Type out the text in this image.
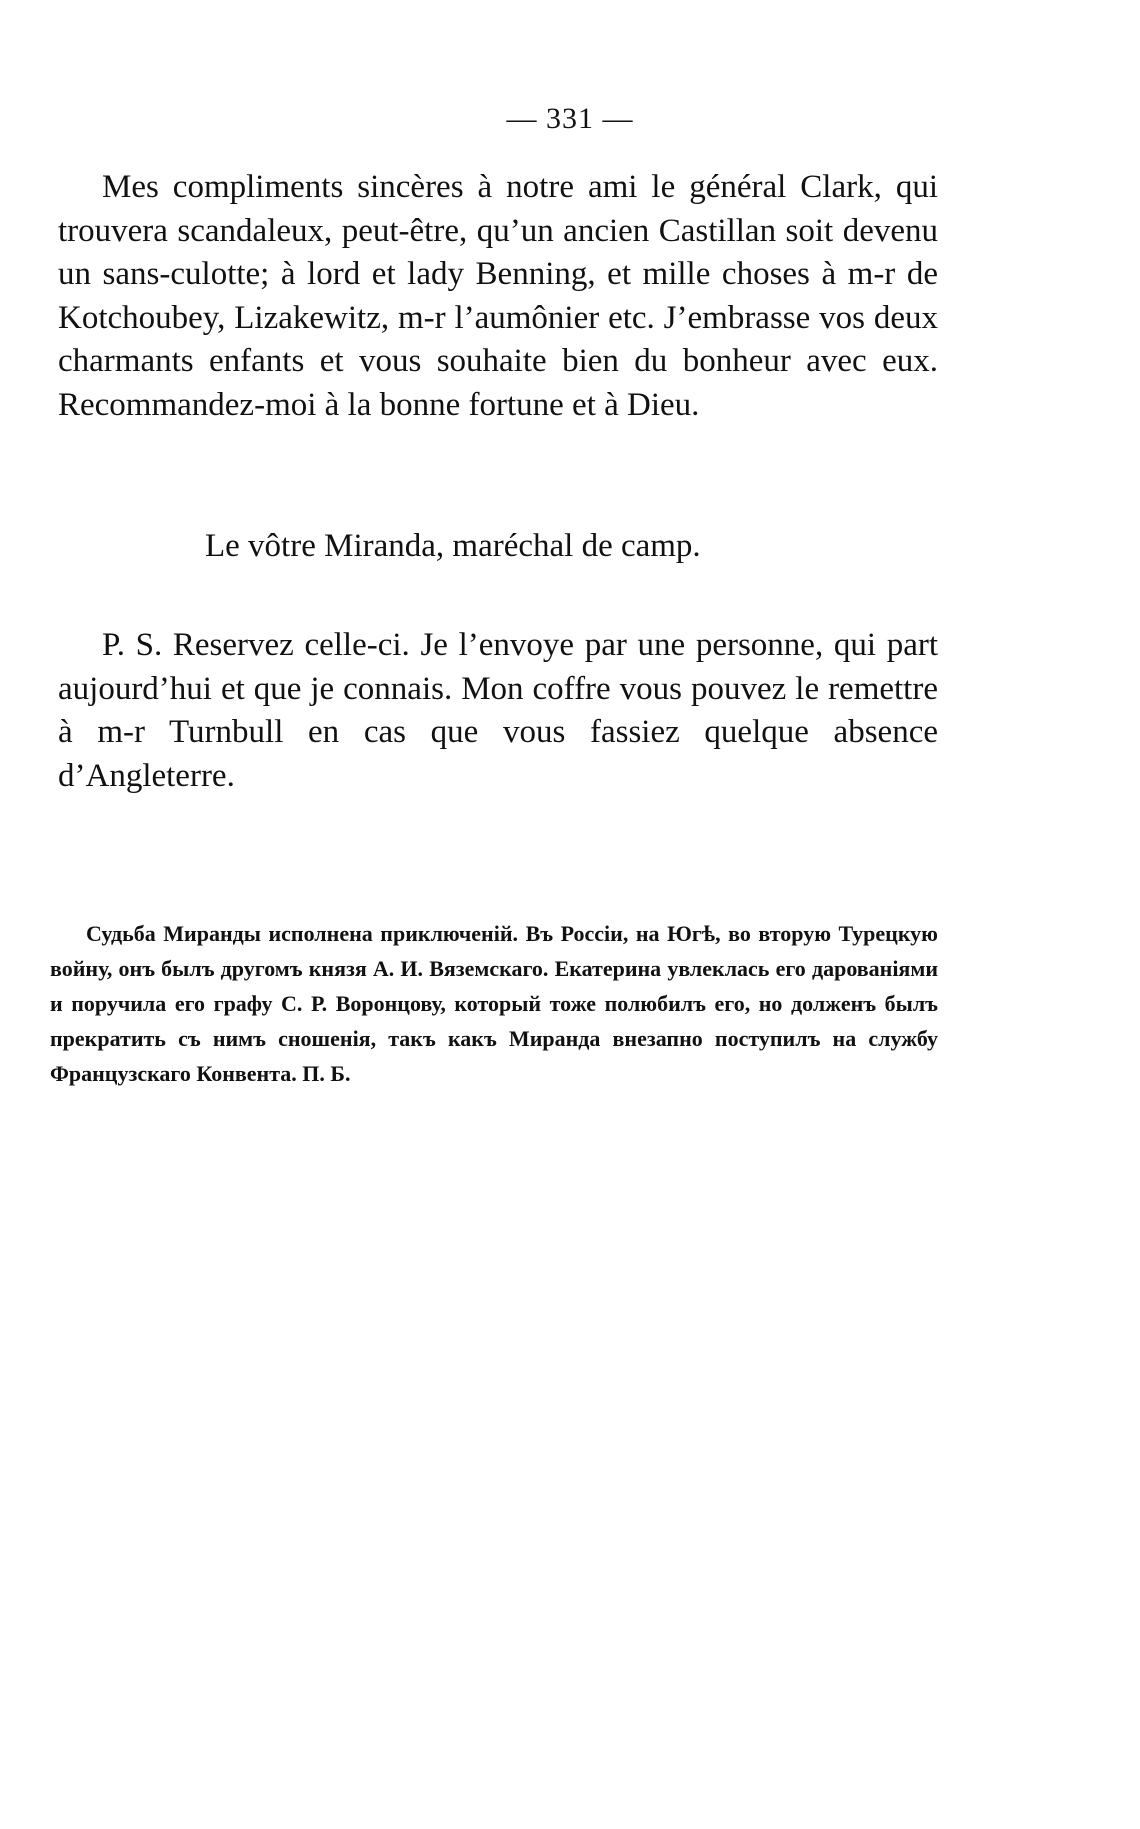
— 331 —
Mes compliments sincères à notre ami le général Clark, qui trouvera scandaleux, peut-être, qu’un ancien Castillan soit devenu un sans-culotte; à lord et lady Benning, et mille choses à m-r de Kotchoubey, Lizakewitz, m-r l’aumônier etc. J’embrasse vos deux charmants enfants et vous souhaite bien du bonheur avec eux. Recommandez-moi à la bonne fortune et à Dieu.
Le vôtre Miranda, maréchal de camp.
P. S. Reservez celle-ci. Je l’envoye par une personne, qui part aujourd’hui et que je connais. Mon coffre vous pouvez le remettre à m-r Turnbull en cas que vous fassiez quelque absence d’Angleterre.
Судьба Миранды исполнена приключеній. Въ Россіи, на Югѣ, во вторую Турецкую войну, онъ былъ другомъ князя А. И. Вяземскаго. Екатерина увлеклась его дарованіями и поручила его графу С. Р. Воронцову, который тоже полюбилъ его, но долженъ былъ прекратить съ нимъ сношенія, такъ какъ Миранда внезапно поступилъ на службу Французскаго Конвента. П. Б.
